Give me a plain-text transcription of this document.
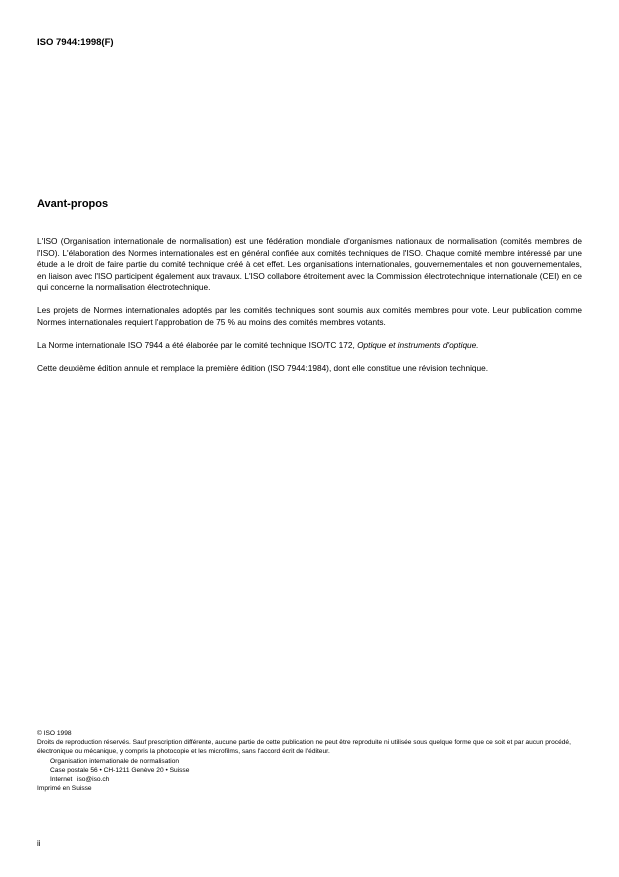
ISO 7944:1998(F)
Avant-propos

L'ISO (Organisation internationale de normalisation) est une fédération mondiale d'organismes nationaux de normalisation (comités membres de l'ISO). L'élaboration des Normes internationales est en général confiée aux comités techniques de l'ISO. Chaque comité membre intéressé par une étude a le droit de faire partie du comité technique créé à cet effet. Les organisations internationales, gouvernementales et non gouvernementales, en liaison avec l'ISO participent également aux travaux. L'ISO collabore étroitement avec la Commission électrotechnique internationale (CEI) en ce qui concerne la normalisation électrotechnique.

Les projets de Normes internationales adoptés par les comités techniques sont soumis aux comités membres pour vote. Leur publication comme Normes internationales requiert l'approbation de 75 % au moins des comités membres votants.

La Norme internationale ISO 7944 a été élaborée par le comité technique ISO/TC 172, Optique et instruments d'optique.

Cette deuxième édition annule et remplace la première édition (ISO 7944:1984), dont elle constitue une révision technique.

© ISO 1998
Droits de reproduction réservés. Sauf prescription différente, aucune partie de cette publication ne peut être reproduite ni utilisée sous quelque forme que ce soit et par aucun procédé, électronique ou mécanique, y compris la photocopie et les microfilms, sans l'accord écrit de l'éditeur.
Organisation internationale de normalisation
Case postale 56 • CH-1211 Genève 20 • Suisse
Internet iso@iso.ch
Imprimé en Suisse
ii
